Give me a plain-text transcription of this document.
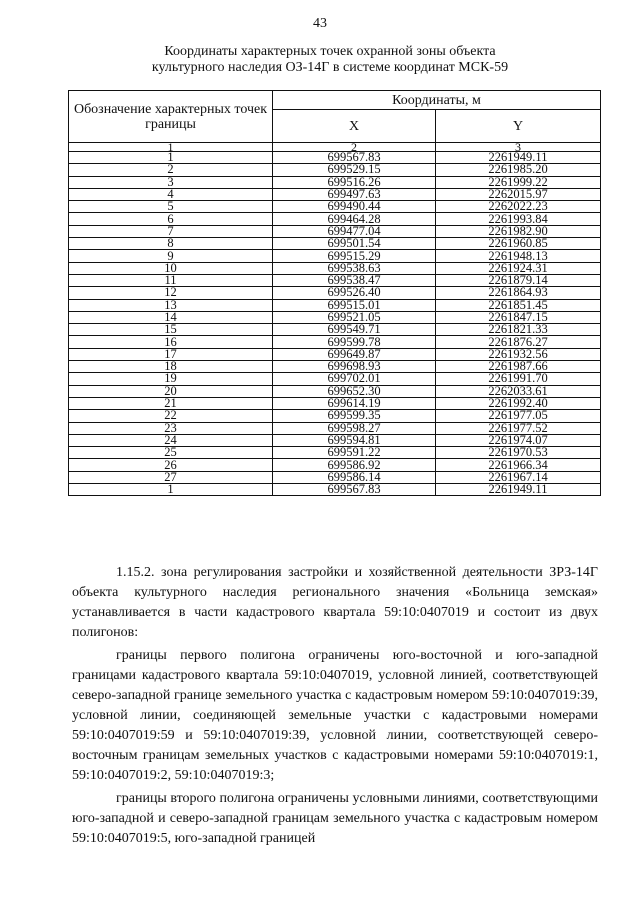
43
Координаты характерных точек охранной зоны объекта
культурного наследия ОЗ-14Г в системе координат МСК-59
Обозначение характерных точек границы	Координаты, м	
	X	Y
1	2	3
1	699567.83	2261949.11
2	699529.15	2261985.20
3	699516.26	2261999.22
4	699497.63	2262015.97
5	699490.44	2262022.23
6	699464.28	2261993.84
7	699477.04	2261982.90
8	699501.54	2261960.85
9	699515.29	2261948.13
10	699538.63	2261924.31
11	699538.47	2261879.14
12	699526.40	2261864.93
13	699515.01	2261851.45
14	699521.05	2261847.15
15	699549.71	2261821.33
16	699599.78	2261876.27
17	699649.87	2261932.56
18	699698.93	2261987.66
19	699702.01	2261991.70
20	699652.30	2262033.61
21	699614.19	2261992.40
22	699599.35	2261977.05
23	699598.27	2261977.52
24	699594.81	2261974.07
25	699591.22	2261970.53
26	699586.92	2261966.34
27	699586.14	2261967.14
1	699567.83	2261949.11

1.15.2. зона регулирования застройки и хозяйственной деятельности ЗРЗ-14Г объекта культурного наследия регионального значения «Больница земская» устанавливается в части кадастрового квартала 59:10:0407019 и состоит из двух полигонов:

границы первого полигона ограничены юго-восточной и юго-западной границами кадастрового квартала 59:10:0407019, условной линией, соответствующей северо-западной границе земельного участка с кадастровым номером 59:10:0407019:39, условной линии, соединяющей земельные участки с кадастровыми номерами 59:10:0407019:59 и 59:10:0407019:39, условной линии, соответствующей северо-восточным границам земельных участков с кадастровыми номерами 59:10:0407019:1, 59:10:0407019:2, 59:10:0407019:3;

границы второго полигона ограничены условными линиями, соответствующими юго-западной и северо-западной границам земельного участка с кадастровым номером 59:10:0407019:5, юго-западной границей
